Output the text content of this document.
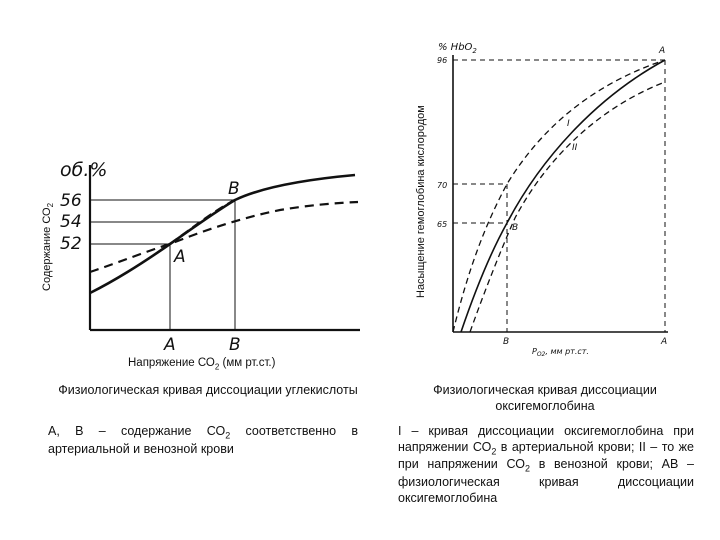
об.%
56
54
52
B
A
A	B
% HbO$_2$
96
70
65
A
B
I
II
B	A
$P_{O2}$, мм рт.ст.
Содержание $СО_2$	Насыщение гемоглобина кислородом
Напряжение $СО_2$ (мм рт.ст.)
Физиологическая кривая диссоциации углекислоты
А, В – содержание $СО_2$ соответственно в артериальной и венозной крови
Физиологическая кривая диссоциации оксигемоглобина
I – кривая диссоциации оксигемоглобина при напряжении $СО_2$ в артериальной крови; II – то же при напряжении $СО_2$ в венозной крови; АВ – физиологическая кривая диссоциации оксигемоглобина
